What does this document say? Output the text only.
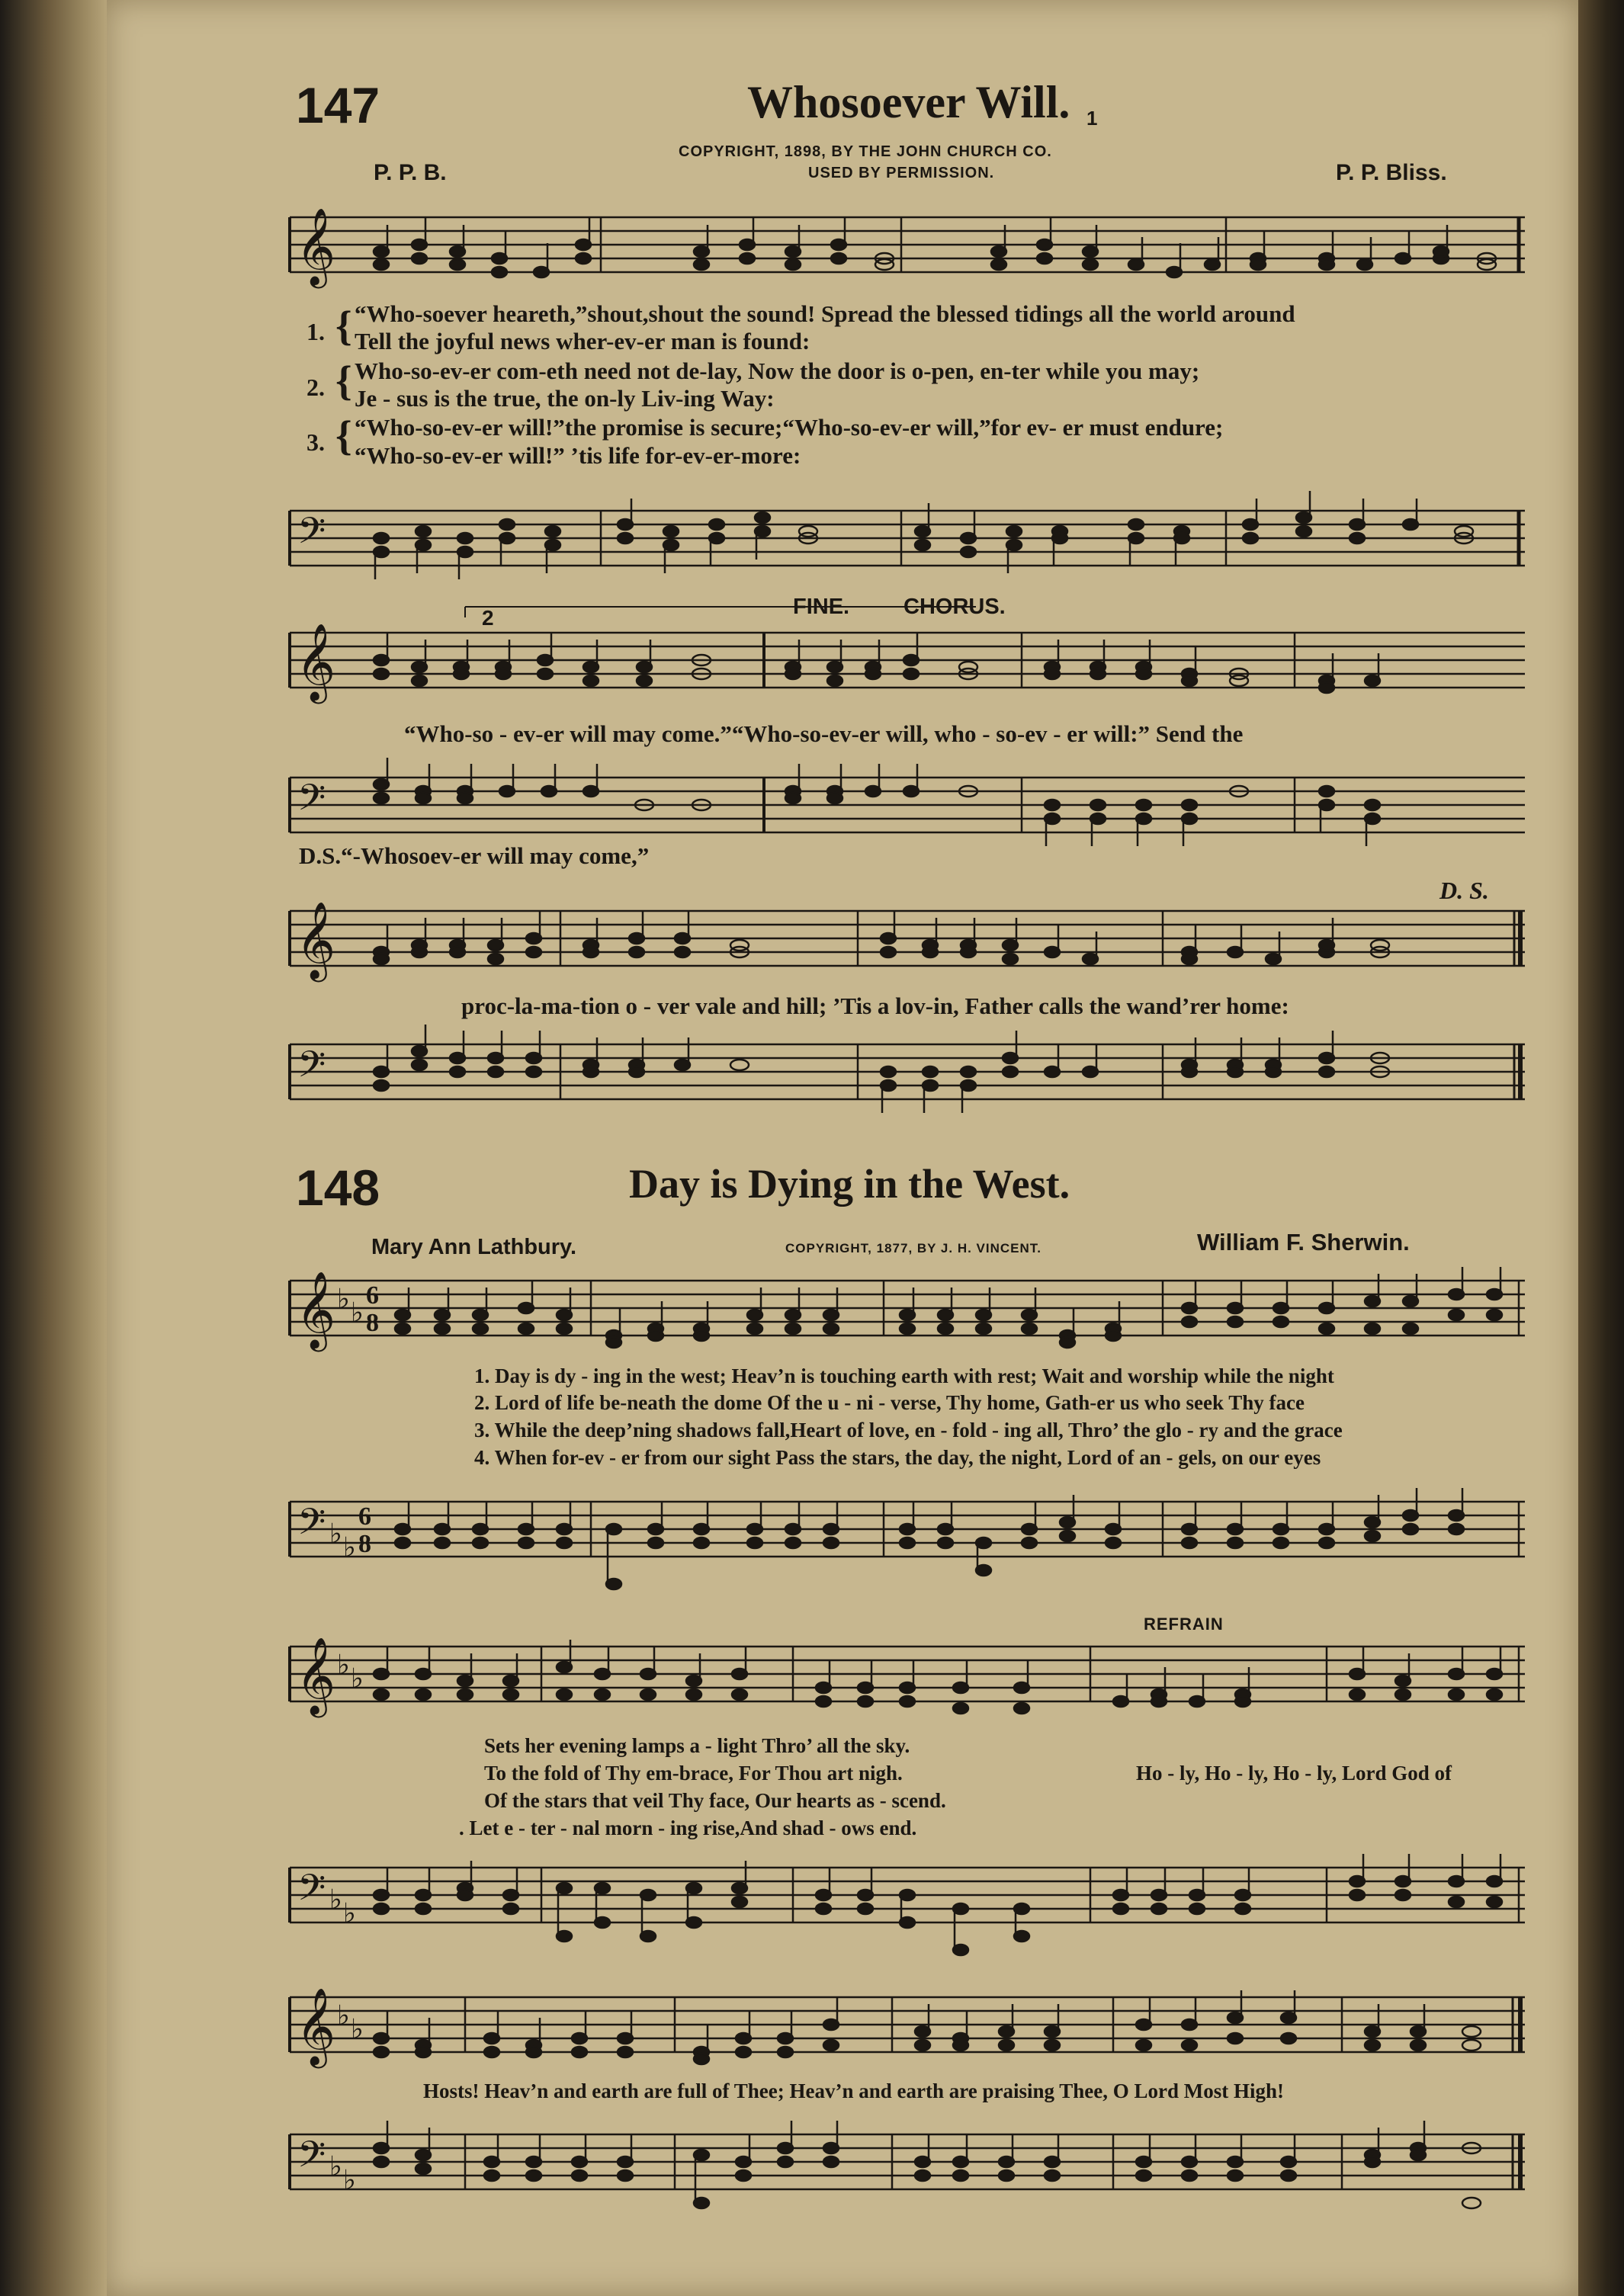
147	Whosoever Will.
COPYRIGHT, 1898, BY THE JOHN CHURCH CO.
USED BY PERMISSION.
P. P. B.	P. P. Bliss.
𝄞
1.
2.
3.
{
{
{
“Who-soever heareth,”shout,shout the sound! Spread the blessed tidings all the world around
Tell the joyful news wher-ev-er man is found:
Who-so-ev-er com-eth need not de-lay, Now the door is o-pen, en-ter while you may;
Je - sus is the true, the on-ly Liv-ing Way:
“Who-so-ev-er will!”the promise is secure;“Who-so-ev-er will,”for ev- er must endure;
“Who-so-ev-er will!” ’tis life for-ev-er-more:
𝄢
2
1
FINE. CHORUS.
𝄞
“Who-so - ev-er will may come.”“Who-so-ev-er will, who - so-ev - er will:” Send the
𝄢
D.S.“-Whosoev-er will may come,”
D. S.
𝄞
proc-la-ma-tion o - ver vale and hill; ’Tis a lov-in, Father calls the wand’rer home:
𝄢
148	Day is Dying in the West.
Mary Ann Lathbury.	COPYRIGHT, 1877, BY J. H. VINCENT.	William F. Sherwin.
𝄞 ♭ ♭
6
8
1. Day is dy - ing in the west; Heav’n is touching earth with rest; Wait and worship while the night
2. Lord of life be-neath the dome Of the u - ni - verse, Thy home, Gath-er us who seek Thy face
3. While the deep’ning shadows fall,Heart of love, en - fold - ing all, Thro’ the glo - ry and the grace
4. When for-ev - er from our sight Pass the stars, the day, the night, Lord of an - gels, on our eyes
𝄢 ♭ ♭
6
8
REFRAIN
𝄞 ♭ ♭
Sets her evening lamps a - light Thro’ all the sky.
To the fold of Thy em-brace, For Thou art nigh.
Of the stars that veil Thy face, Our hearts as - scend.
. Let e - ter - nal morn - ing rise,And shad - ows end.
Ho - ly, Ho - ly, Ho - ly, Lord God of
𝄢 ♭ ♭
𝄞 ♭ ♭
Hosts! Heav’n and earth are full of Thee; Heav’n and earth are praising Thee, O Lord Most High!
𝄢 ♭ ♭
